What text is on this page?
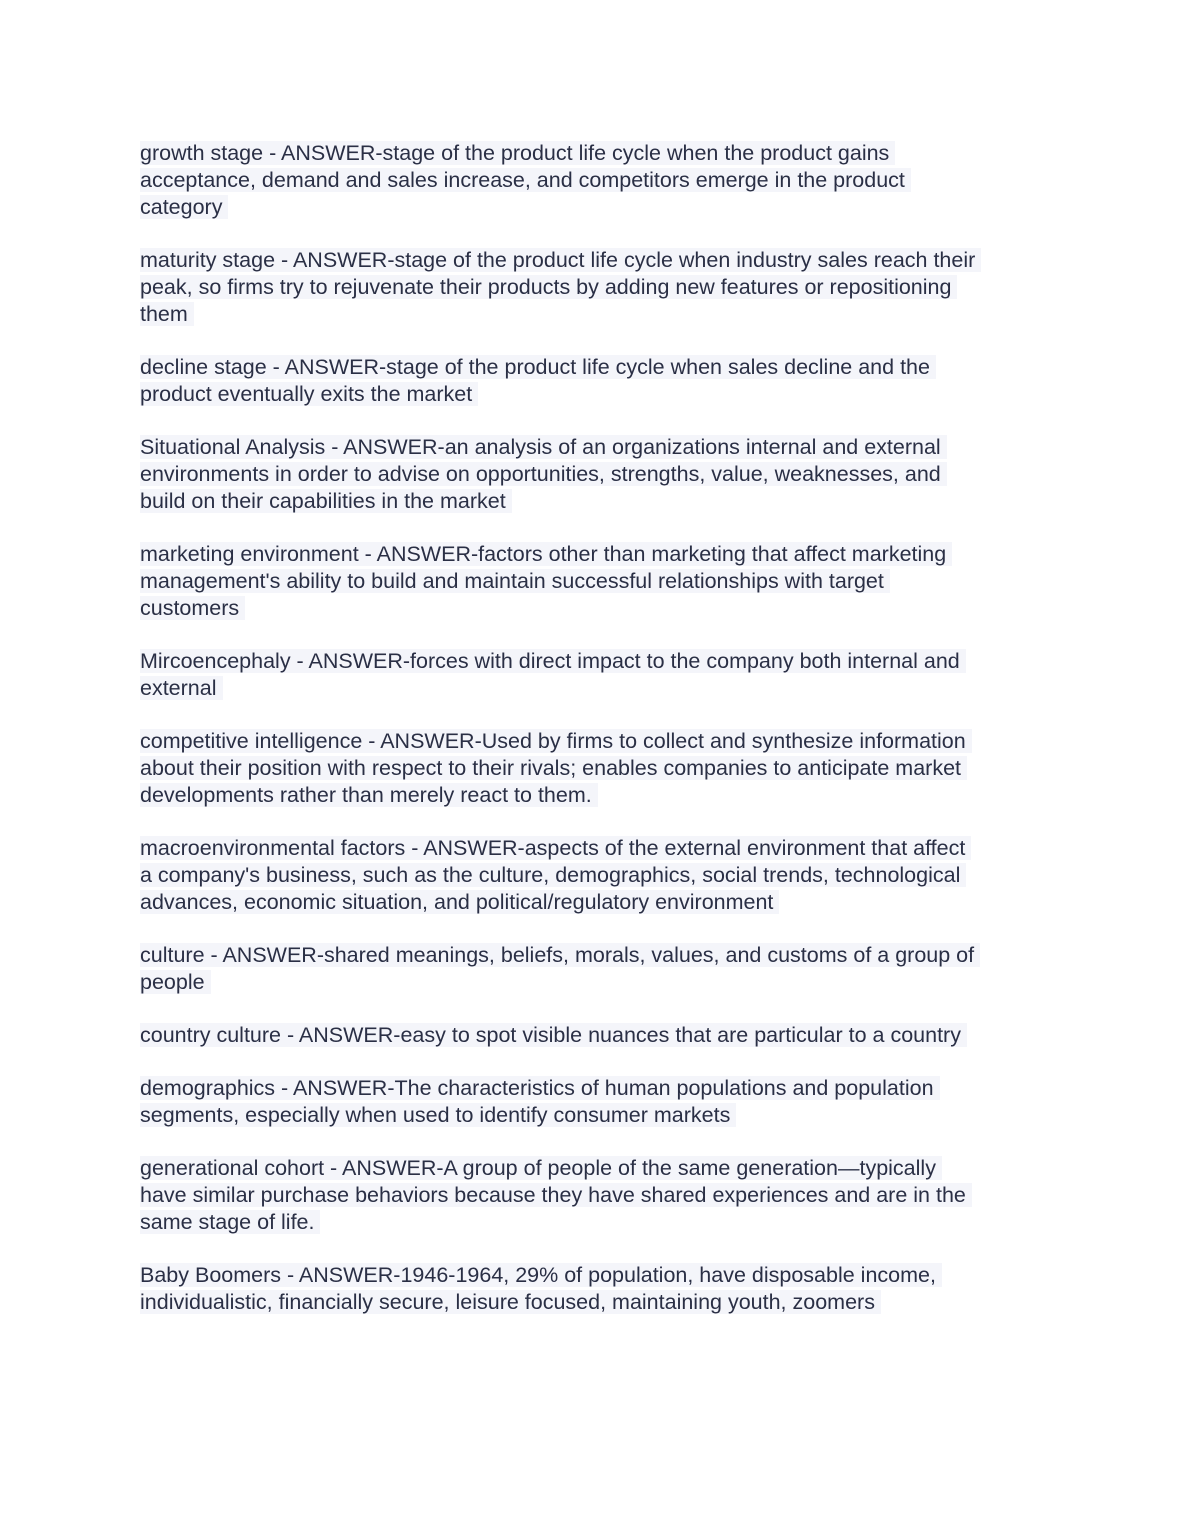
growth stage - ANSWER-stage of the product life cycle when the product gains
acceptance, demand and sales increase, and competitors emerge in the product
category

maturity stage - ANSWER-stage of the product life cycle when industry sales reach their
peak, so firms try to rejuvenate their products by adding new features or repositioning
them

decline stage - ANSWER-stage of the product life cycle when sales decline and the
product eventually exits the market

Situational Analysis - ANSWER-an analysis of an organizations internal and external
environments in order to advise on opportunities, strengths, value, weaknesses, and
build on their capabilities in the market

marketing environment - ANSWER-factors other than marketing that affect marketing
management's ability to build and maintain successful relationships with target
customers

Mircoencephaly - ANSWER-forces with direct impact to the company both internal and
external

competitive intelligence - ANSWER-Used by firms to collect and synthesize information
about their position with respect to their rivals; enables companies to anticipate market
developments rather than merely react to them.

macroenvironmental factors - ANSWER-aspects of the external environment that affect
a company's business, such as the culture, demographics, social trends, technological
advances, economic situation, and political/regulatory environment

culture - ANSWER-shared meanings, beliefs, morals, values, and customs of a group of
people

country culture - ANSWER-easy to spot visible nuances that are particular to a country

demographics - ANSWER-The characteristics of human populations and population
segments, especially when used to identify consumer markets

generational cohort - ANSWER-A group of people of the same generation—typically
have similar purchase behaviors because they have shared experiences and are in the
same stage of life.

Baby Boomers - ANSWER-1946-1964, 29% of population, have disposable income,
individualistic, financially secure, leisure focused, maintaining youth, zoomers
